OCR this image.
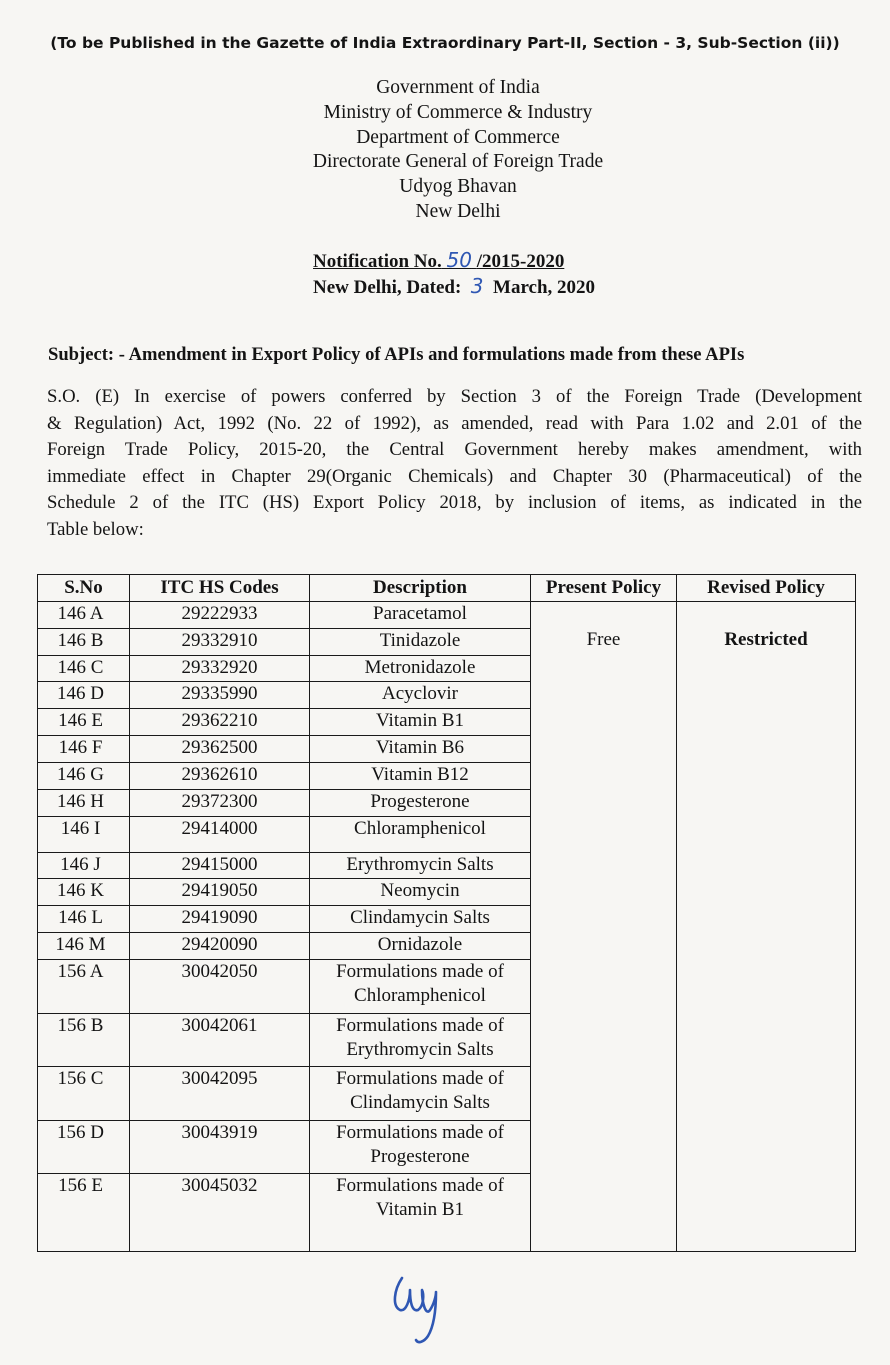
(To be Published in the Gazette of India Extraordinary Part-II, Section - 3, Sub-Section (ii))
Government of India
Ministry of Commerce & Industry
Department of Commerce
Directorate General of Foreign Trade
Udyog Bhavan
New Delhi
Notification No. 50 /2015-2020
New Delhi, Dated: 3 March, 2020
Subject: - Amendment in Export Policy of APIs and formulations made from these APIs
S.O. (E) In exercise of powers conferred by Section 3 of the Foreign Trade (Development
& Regulation) Act, 1992 (No. 22 of 1992), as amended, read with Para 1.02 and 2.01 of the
Foreign Trade Policy, 2015-20, the Central Government hereby makes amendment, with
immediate effect in Chapter 29(Organic Chemicals) and Chapter 30 (Pharmaceutical) of the
Schedule 2 of the ITC (HS) Export Policy 2018, by inclusion of items, as indicated in the
Table below:
S.No	ITC HS Codes	Description	Present Policy	Revised Policy
146 A	29222933	Paracetamol	Free	Restricted
146 B	29332910	Tinidazole		
146 C	29332920	Metronidazole		
146 D	29335990	Acyclovir		
146 E	29362210	Vitamin B1		
146 F	29362500	Vitamin B6		
146 G	29362610	Vitamin B12		
146 H	29372300	Progesterone		
146 I	29414000	Chloramphenicol		
146 J	29415000	Erythromycin Salts		
146 K	29419050	Neomycin		
146 L	29419090	Clindamycin Salts		
146 M	29420090	Ornidazole		
156 A	30042050	Formulations made of
Chloramphenicol		

156 B	30042061	Formulations made of
Erythromycin Salts		

156 C	30042095	Formulations made of
Clindamycin Salts		

156 D	30043919	Formulations made of
Progesterone		

156 E	30045032	Formulations made of
Vitamin B1		
